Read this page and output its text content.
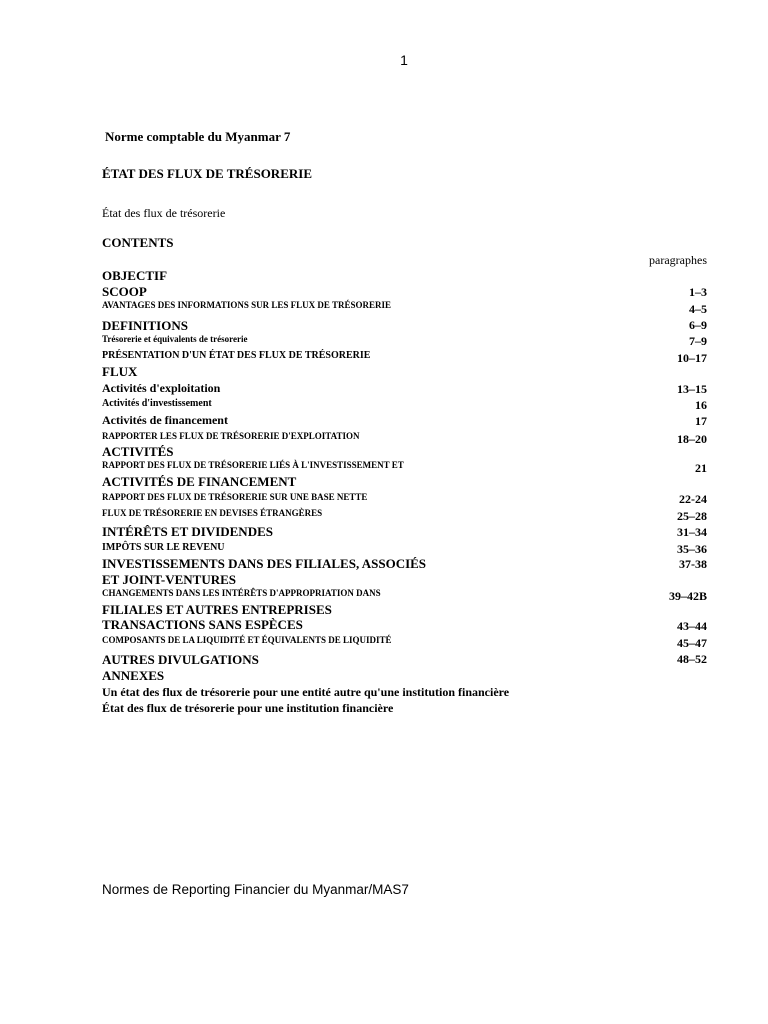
1
Norme comptable du Myanmar 7
ÉTAT DES FLUX DE TRÉSORERIE
État des flux de trésorerie
CONTENTS
paragraphes
OBJECTIF
SCOOP
AVANTAGES DES INFORMATIONS SUR LES FLUX DE TRÉSORERIE
DEFINITIONS
Trésorerie et équivalents de trésorerie
PRÉSENTATION D'UN ÉTAT DES FLUX DE TRÉSORERIE
FLUX
Activités d'exploitation
Activités d'investissement
Activités de financement
RAPPORTER LES FLUX DE TRÉSORERIE D'EXPLOITATION
ACTIVITÉS
RAPPORT DES FLUX DE TRÉSORERIE LIÉS À L'INVESTISSEMENT ET
ACTIVITÉS DE FINANCEMENT
RAPPORT DES FLUX DE TRÉSORERIE SUR UNE BASE NETTE
FLUX DE TRÉSORERIE EN DEVISES ÉTRANGÈRES
INTÉRÊTS ET DIVIDENDES
IMPÔTS SUR LE REVENU
INVESTISSEMENTS DANS DES FILIALES, ASSOCIÉS
ET JOINT-VENTURES
CHANGEMENTS DANS LES INTÉRÊTS D'APPROPRIATION DANS
FILIALES ET AUTRES ENTREPRISES
TRANSACTIONS SANS ESPÈCES
COMPOSANTS DE LA LIQUIDITÉ ET ÉQUIVALENTS DE LIQUIDITÉ
AUTRES DIVULGATIONS
ANNEXES
Un état des flux de trésorerie pour une entité autre qu'une institution financière
État des flux de trésorerie pour une institution financière
1–3
4–5
6–9
7–9
10–17
13–15
16
17
18–20
21
22-24
25–28
31–34
35–36
37-38
39–42B
43–44
45–47
48–52
Normes de Reporting Financier du Myanmar/MAS7
